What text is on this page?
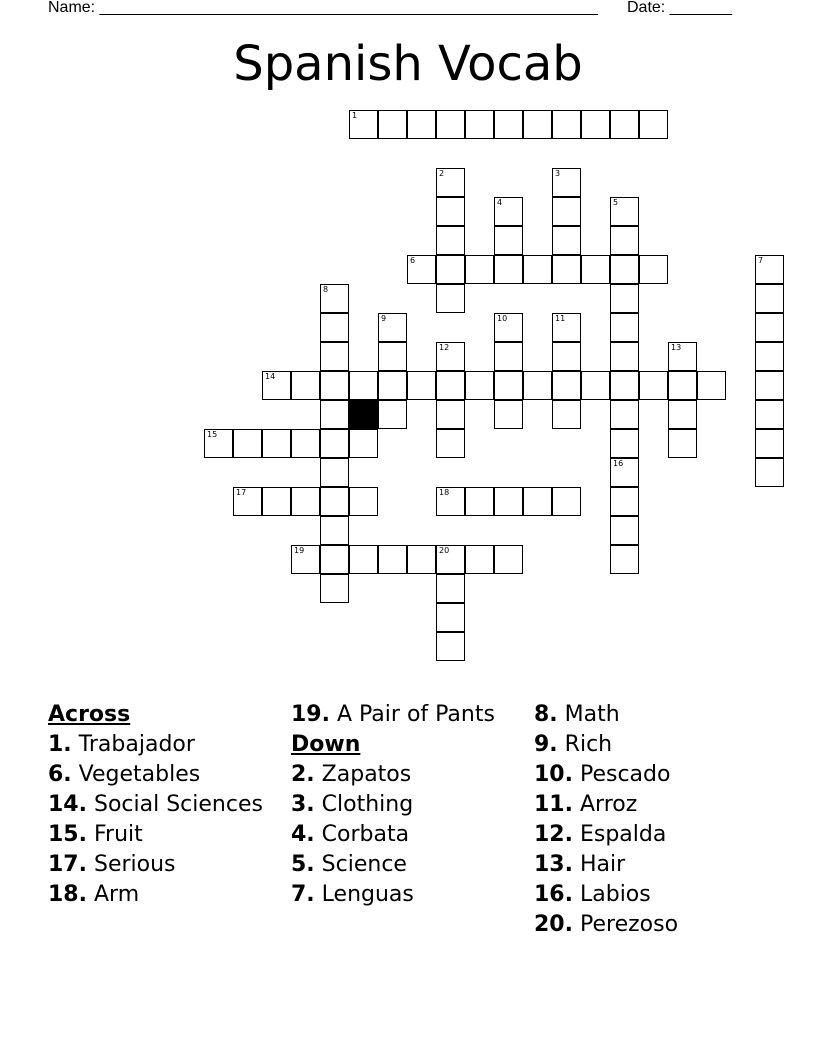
Name: ________________________________________________________ Date: _______
Spanish Vocab
1
2	3
4	5
6	7
8
9	10	11
12	13
14
15
16
17	18
19	20
Across
1. Trabajador
6. Vegetables
14. Social Sciences
15. Fruit
17. Serious
18. Arm
19. A Pair of Pants
Down
2. Zapatos
3. Clothing
4. Corbata
5. Science
7. Lenguas
8. Math
9. Rich
10. Pescado
11. Arroz
12. Espalda
13. Hair
16. Labios
20. Perezoso
